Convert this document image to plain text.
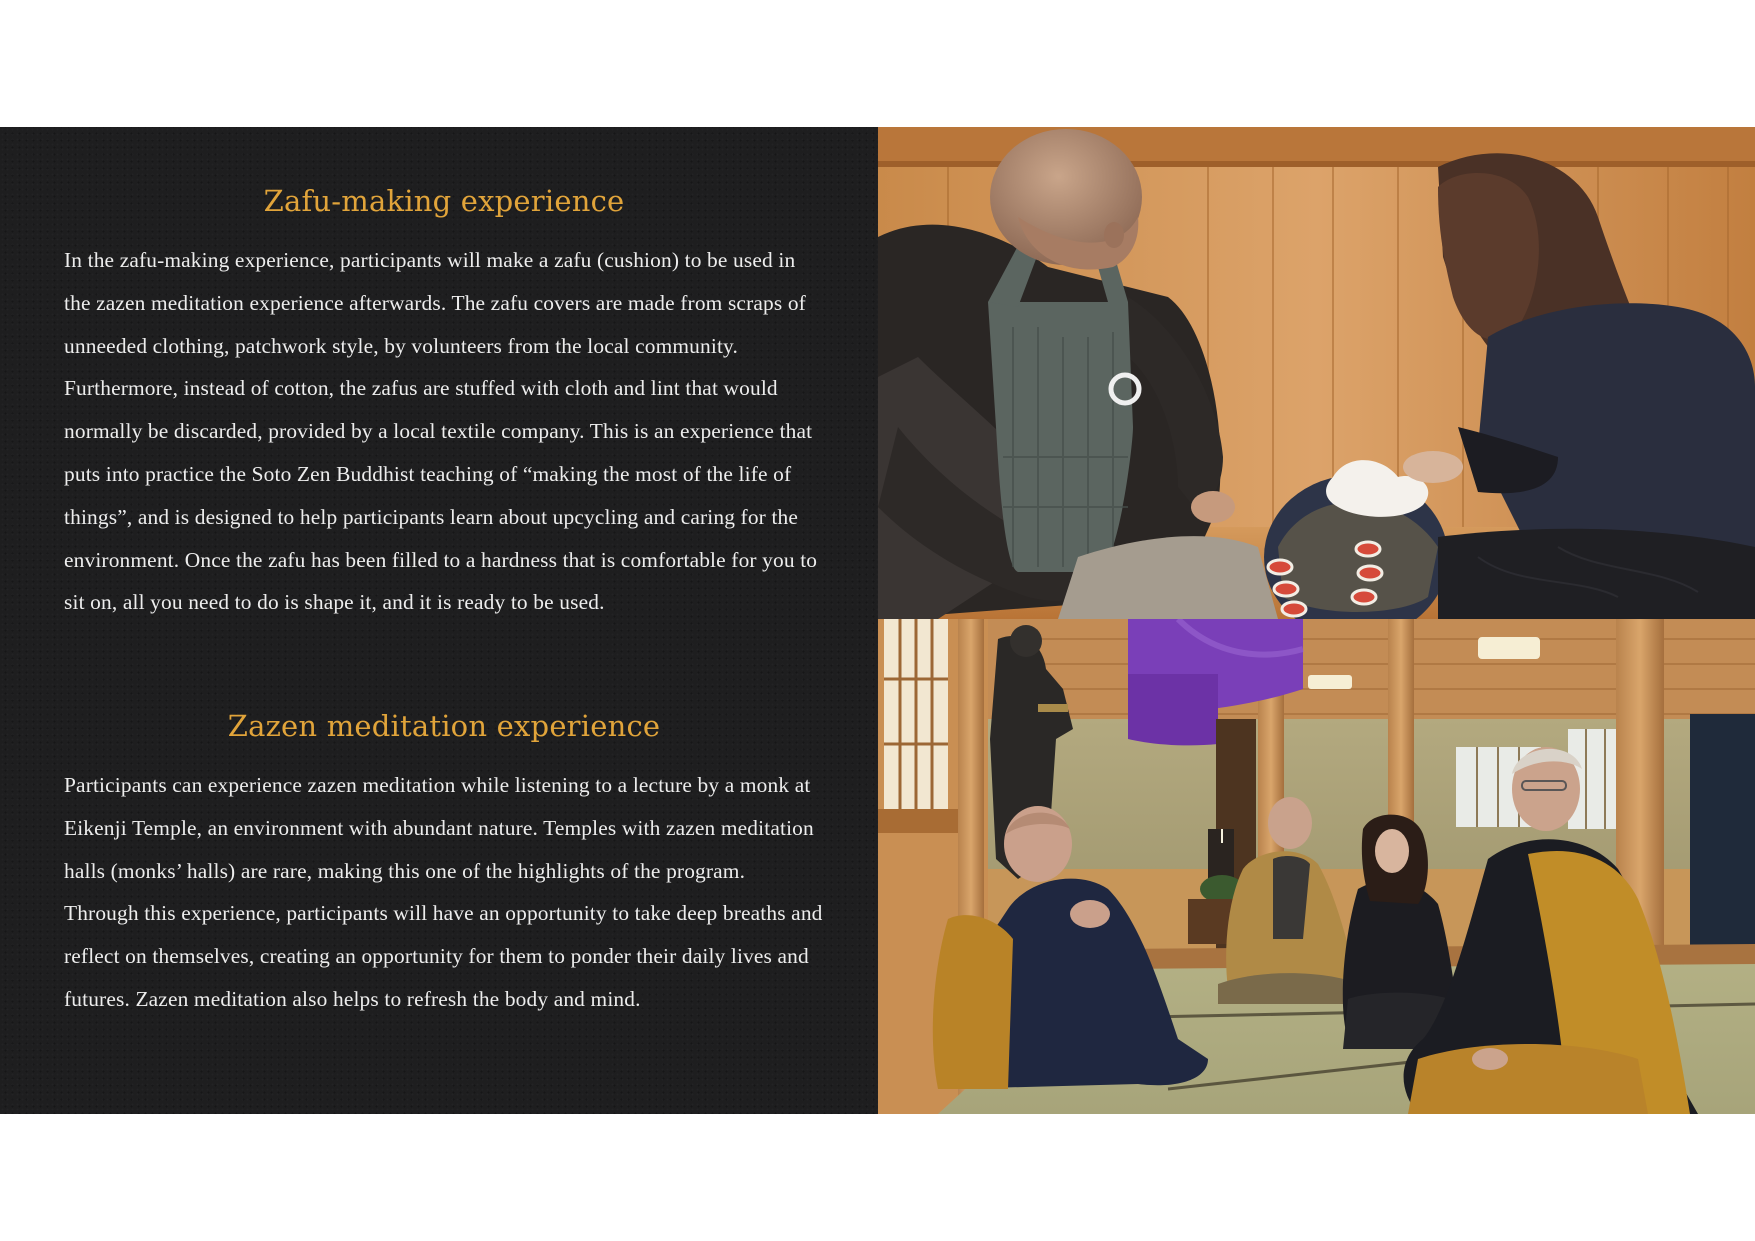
Zafu-making experience

In the zafu-making experience, participants will make a zafu (cushion) to be used in the zazen meditation experience afterwards. The zafu covers are made from scraps of unneeded clothing, patchwork style, by volunteers from the local community. Furthermore, instead of cotton, the zafus are stuffed with cloth and lint that would normally be discarded, provided by a local textile company. This is an experience that puts into practice the Soto Zen Buddhist teaching of “making the most of the life of things”, and is designed to help participants learn about upcycling and caring for the environment. Once the zafu has been filled to a hardness that is comfortable for you to sit on, all you need to do is shape it, and it is ready to be used.

Zazen meditation experience

Participants can experience zazen meditation while listening to a lecture by a monk at Eikenji Temple, an environment with abundant nature. Temples with zazen meditation halls (monks’ halls) are rare, making this one of the highlights of the program. Through this experience, participants will have an opportunity to take deep breaths and reflect on themselves, creating an opportunity for them to ponder their daily lives and futures. Zazen meditation also helps to refresh the body and mind.
